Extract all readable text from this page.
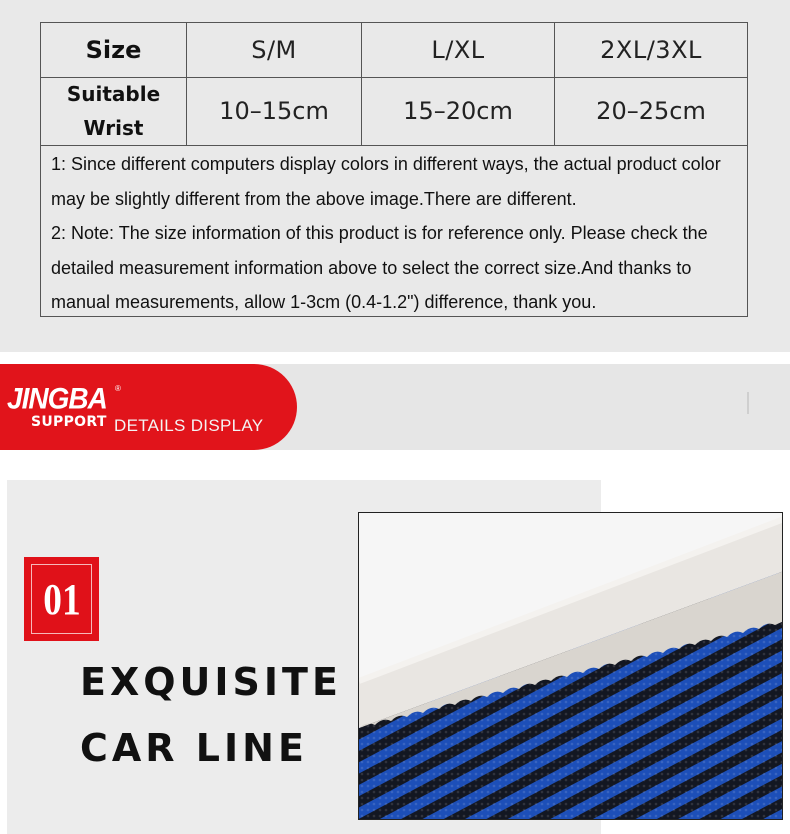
Size	S/M	L/XL	2XL/3XL
Suitable
Wrist
10–15cm	15–20cm	20–25cm

1: Since different computers display colors in different ways, the actual product color may be slightly different from the above image.There are different.

2: Note: The size information of this product is for reference only. Please check the detailed measurement information above to select the correct size.And thanks to manual measurements, allow 1-3cm (0.4-1.2") difference, thank you.

JINGBA ®
SUPPORT DETAILS DISPLAY
01
EXQUISITE
CAR LINE
